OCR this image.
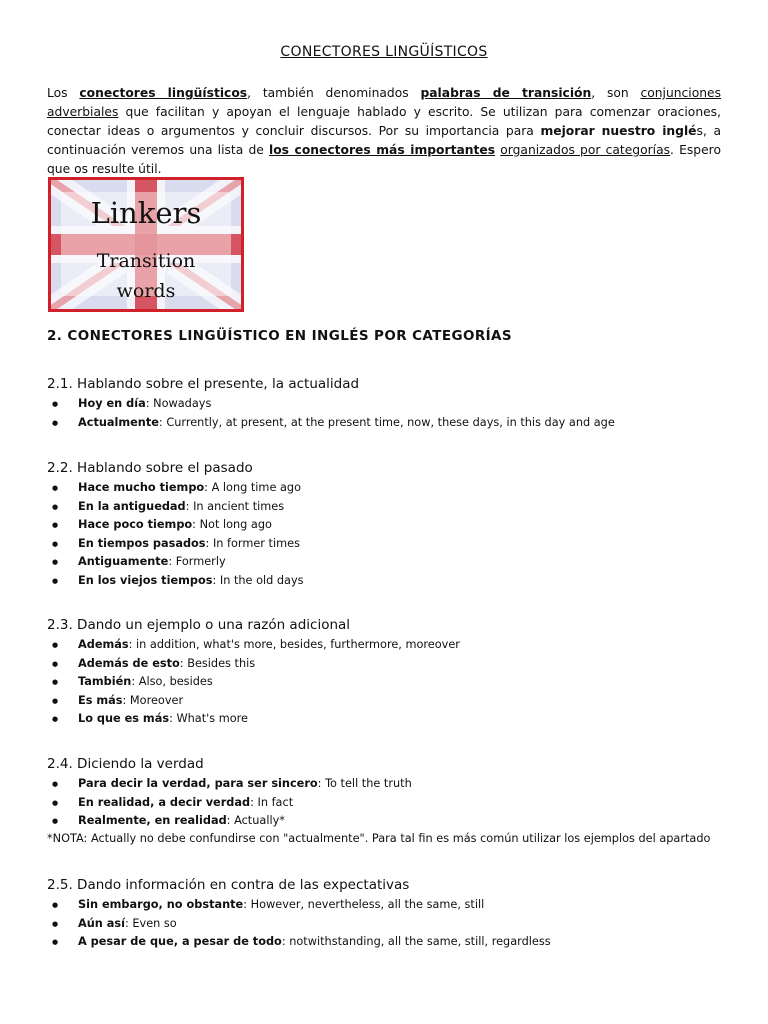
CONECTORES LINGÜÍSTICOS

Los conectores lingüísticos, también denominados palabras de transición, son conjunciones adverbiales que facilitan y apoyan el lenguaje hablado y escrito. Se utilizan para comenzar oraciones, conectar ideas o argumentos y concluir discursos. Por su importancia para mejorar nuestro inglés, a continuación veremos una lista de los conectores más importantes organizados por categorías. Espero que os resulte útil.

Linkers
Transition
words
2. CONECTORES LINGÜÍSTICO EN INGLÉS POR CATEGORÍAS
2.1. Hablando sobre el presente, la actualidad
● Hoy en día: Nowadays
● Actualmente: Currently, at present, at the present time, now, these days, in this day and age
2.2. Hablando sobre el pasado
● Hace mucho tiempo: A long time ago
● En la antiguedad: In ancient times
● Hace poco tiempo: Not long ago
● En tiempos pasados: In former times
● Antiguamente: Formerly
● En los viejos tiempos: In the old days
2.3. Dando un ejemplo o una razón adicional
● Además: in addition, what's more, besides, furthermore, moreover
● Además de esto: Besides this
● También: Also, besides
● Es más: Moreover
● Lo que es más: What's more
2.4. Diciendo la verdad
● Para decir la verdad, para ser sincero: To tell the truth
● En realidad, a decir verdad: In fact
● Realmente, en realidad: Actually*
*NOTA: Actually no debe confundirse con "actualmente". Para tal fin es más común utilizar los ejemplos del apartado
2.5. Dando información en contra de las expectativas
● Sin embargo, no obstante: However, nevertheless, all the same, still
● Aún así: Even so
● A pesar de que, a pesar de todo: notwithstanding, all the same, still, regardless
